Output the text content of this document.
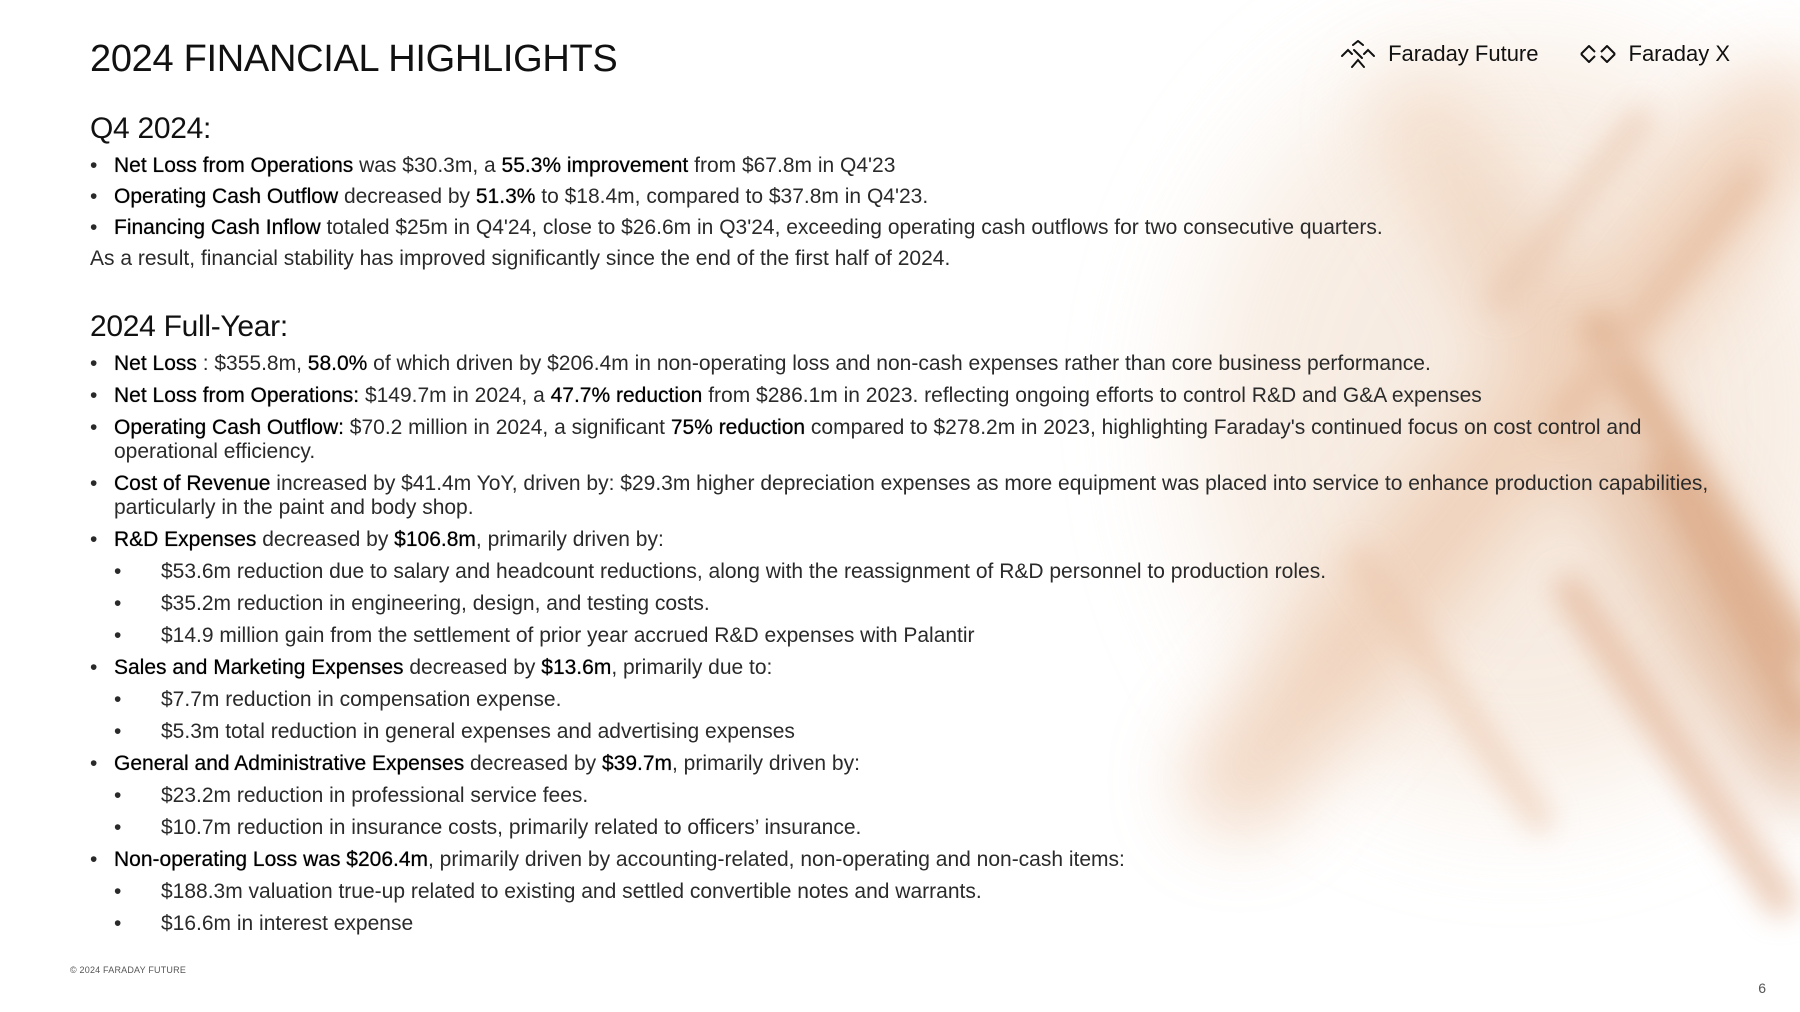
2024 FINANCIAL HIGHLIGHTS	Faraday Future	Faraday X
Q4 2024:
• Net Loss from Operations was $30.3m, a 55.3% improvement from $67.8m in Q4'23
• Operating Cash Outflow decreased by 51.3% to $18.4m, compared to $37.8m in Q4'23.
• Financing Cash Inflow totaled $25m in Q4'24, close to $26.6m in Q3'24, exceeding operating cash outflows for two consecutive quarters.
As a result, financial stability has improved significantly since the end of the first half of 2024.
2024 Full-Year:
• Net Loss : $355.8m, 58.0% of which driven by $206.4m in non-operating loss and non-cash expenses rather than core business performance.
• Net Loss from Operations: $149.7m in 2024, a 47.7% reduction from $286.1m in 2023. reflecting ongoing efforts to control R&D and G&A expenses
• Operating Cash Outflow: $70.2 million in 2024, a significant 75% reduction compared to $278.2m in 2023, highlighting Faraday's continued focus on cost control and operational efficiency.
• Cost of Revenue increased by $41.4m YoY, driven by: $29.3m higher depreciation expenses as more equipment was placed into service to enhance production capabilities, particularly in the paint and body shop.
• R&D Expenses decreased by $106.8m, primarily driven by:
• $53.6m reduction due to salary and headcount reductions, along with the reassignment of R&D personnel to production roles.
• $35.2m reduction in engineering, design, and testing costs.
• $14.9 million gain from the settlement of prior year accrued R&D expenses with Palantir
• Sales and Marketing Expenses decreased by $13.6m, primarily due to:
• $7.7m reduction in compensation expense.
• $5.3m total reduction in general expenses and advertising expenses
• General and Administrative Expenses decreased by $39.7m, primarily driven by:
• $23.2m reduction in professional service fees.
• $10.7m reduction in insurance costs, primarily related to officers’ insurance.
• Non-operating Loss was $206.4m, primarily driven by accounting-related, non-operating and non-cash items:
• $188.3m valuation true-up related to existing and settled convertible notes and warrants.
• $16.6m in interest expense
© 2024 FARADAY FUTURE
6
